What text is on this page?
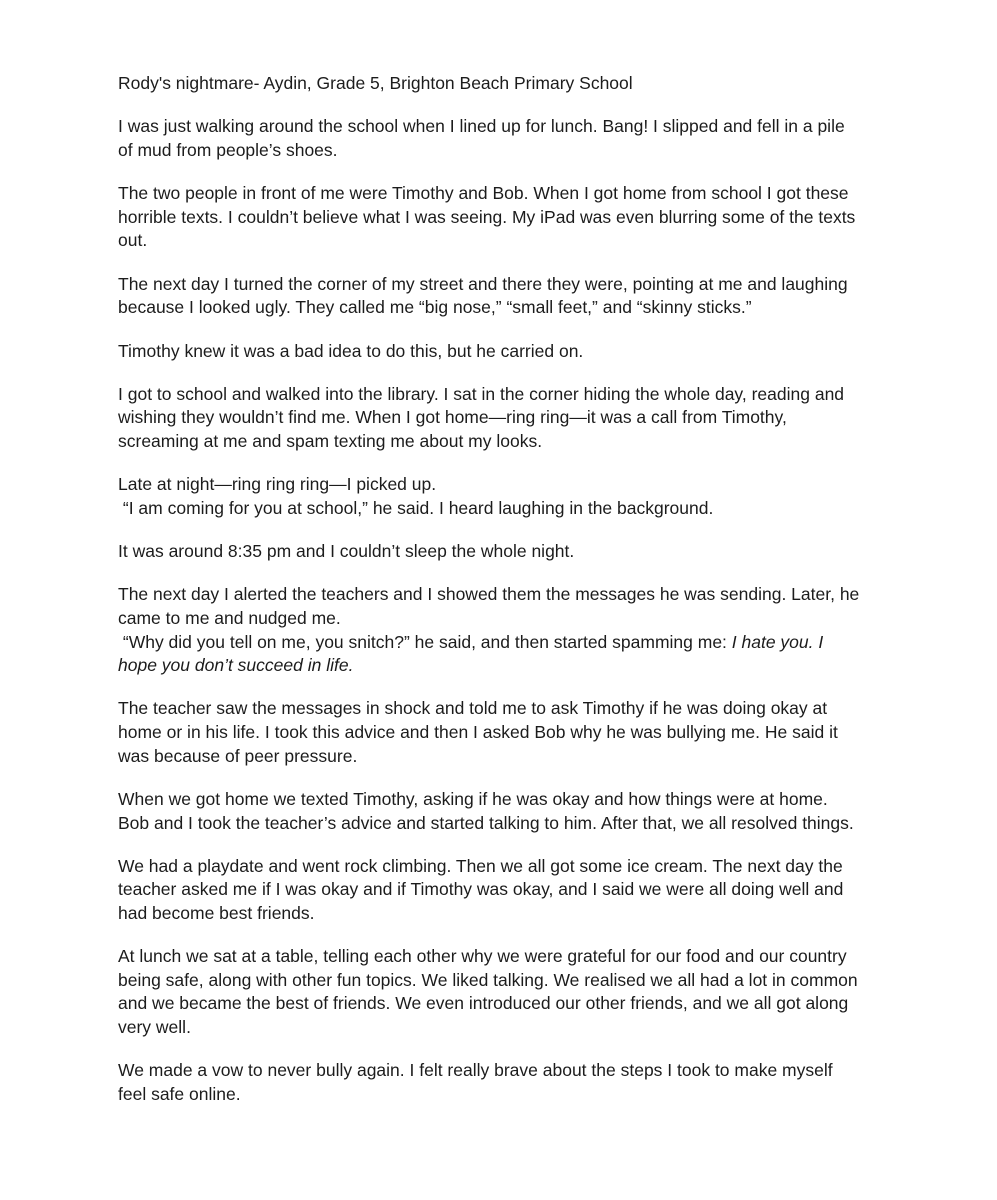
Rody's nightmare- Aydin, Grade 5, Brighton Beach Primary School

I was just walking around the school when I lined up for lunch. Bang! I slipped and fell in a pile
of mud from people’s shoes.

The two people in front of me were Timothy and Bob. When I got home from school I got these
horrible texts. I couldn’t believe what I was seeing. My iPad was even blurring some of the texts
out.

The next day I turned the corner of my street and there they were, pointing at me and laughing
because I looked ugly. They called me “big nose,” “small feet,” and “skinny sticks.”

Timothy knew it was a bad idea to do this, but he carried on.

I got to school and walked into the library. I sat in the corner hiding the whole day, reading and
wishing they wouldn’t find me. When I got home—ring ring—it was a call from Timothy,
screaming at me and spam texting me about my looks.

Late at night—ring ring ring—I picked up.
“I am coming for you at school,” he said. I heard laughing in the background.

It was around 8:35 pm and I couldn’t sleep the whole night.

The next day I alerted the teachers and I showed them the messages he was sending. Later, he
came to me and nudged me.
“Why did you tell on me, you snitch?” he said, and then started spamming me: I hate you. I
hope you don’t succeed in life.

The teacher saw the messages in shock and told me to ask Timothy if he was doing okay at
home or in his life. I took this advice and then I asked Bob why he was bullying me. He said it
was because of peer pressure.

When we got home we texted Timothy, asking if he was okay and how things were at home.
Bob and I took the teacher’s advice and started talking to him. After that, we all resolved things.

We had a playdate and went rock climbing. Then we all got some ice cream. The next day the
teacher asked me if I was okay and if Timothy was okay, and I said we were all doing well and
had become best friends.

At lunch we sat at a table, telling each other why we were grateful for our food and our country
being safe, along with other fun topics. We liked talking. We realised we all had a lot in common
and we became the best of friends. We even introduced our other friends, and we all got along
very well.

We made a vow to never bully again. I felt really brave about the steps I took to make myself
feel safe online.
